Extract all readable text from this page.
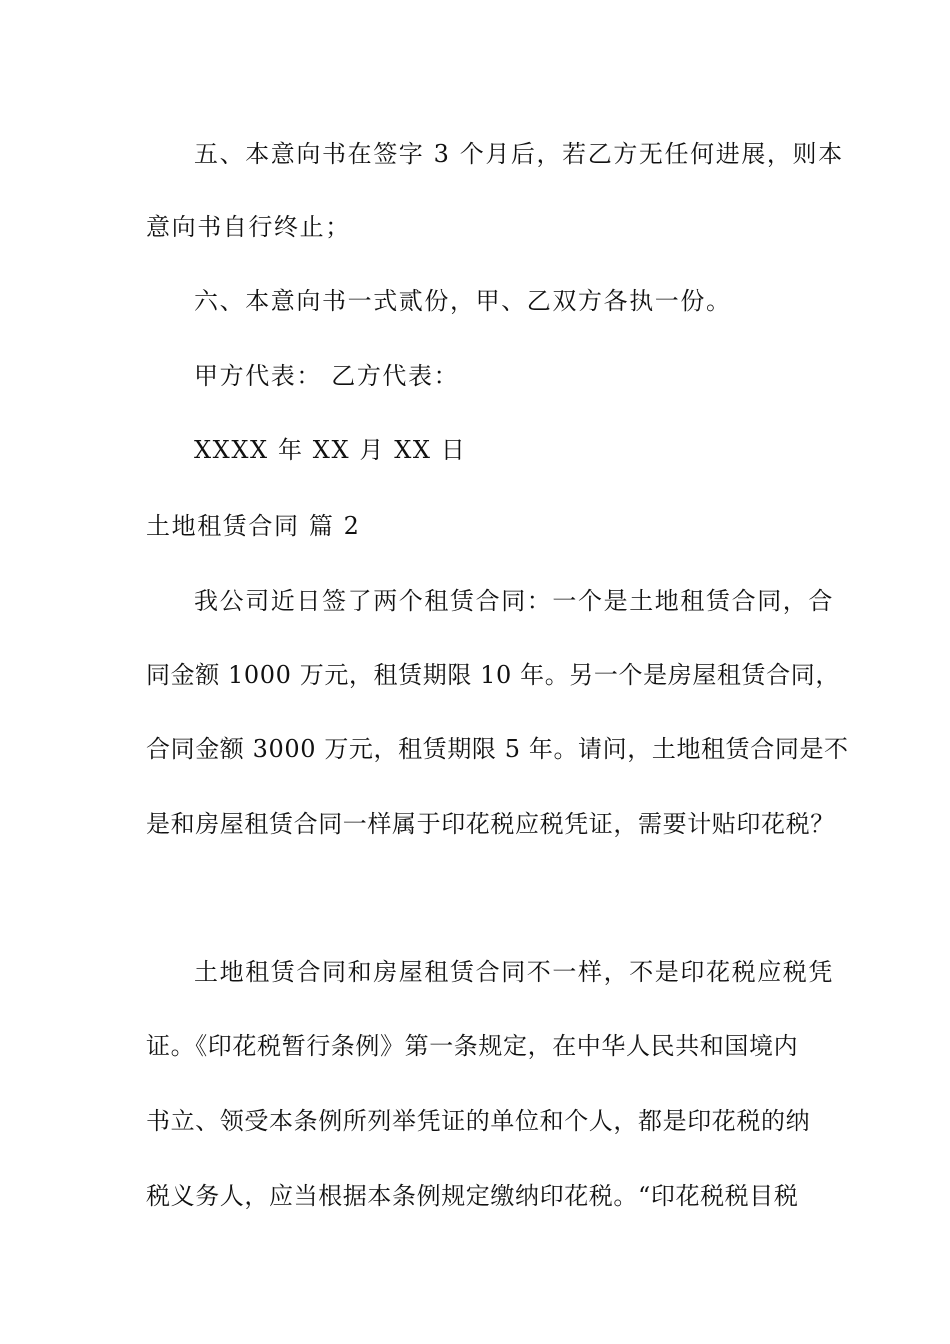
五、本意向书在签字 3 个月后，若乙方无任何进展，则本
意向书自行终止；
六、本意向书一式贰份，甲、乙双方各执一份。
甲方代表： 乙方代表：
XXXX 年 XX 月 XX 日
土地租赁合同 篇 2
我公司近日签了两个租赁合同：一个是土地租赁合同，合
同金额 1000 万元，租赁期限 10 年。另一个是房屋租赁合同，
合同金额 3000 万元，租赁期限 5 年。请问，土地租赁合同是不
是和房屋租赁合同一样属于印花税应税凭证，需要计贴印花税？
土地租赁合同和房屋租赁合同不一样，不是印花税应税凭
证。《印花税暂行条例》第一条规定，在中华人民共和国境内
书立、领受本条例所列举凭证的单位和个人，都是印花税的纳
税义务人，应当根据本条例规定缴纳印花税。“印花税税目税
